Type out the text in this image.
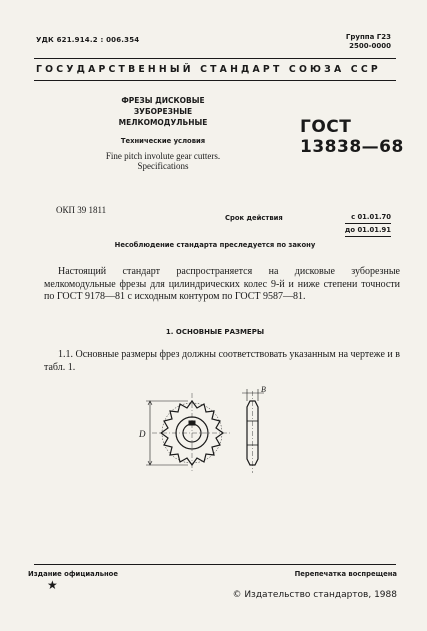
УДК 621.914.2 : 006.354	Группа Г23
2500-0000
ГОСУДАРСТВЕННЫЙ СТАНДАРТ СОЮЗА ССР
ФРЕЗЫ ДИСКОВЫЕ
ЗУБОРЕЗНЫЕ
МЕЛКОМОДУЛЬНЫЕ
Технические условия
Fine pitch involute gear cutters.
Specifications
ГОСТ
13838—68
ОКП 39 1811
Срок действия	с 01.01.70
до 01.01.91
Несоблюдение стандарта преследуется по закону
Настоящий стандарт распространяется на дисковые зуборезные мелкомодульные фрезы для цилиндрических колес 9-й и ниже степени точности по ГОСТ 9178—81 с исходным контуром по ГОСТ 9587—81.
1. ОСНОВНЫЕ РАЗМЕРЫ
1.1. Основные размеры фрез должны соответствовать указанным на чертеже и в табл. 1.
D
B
Издание официальное
★
Перепечатка воспрещена
© Издательство стандартов, 1988
